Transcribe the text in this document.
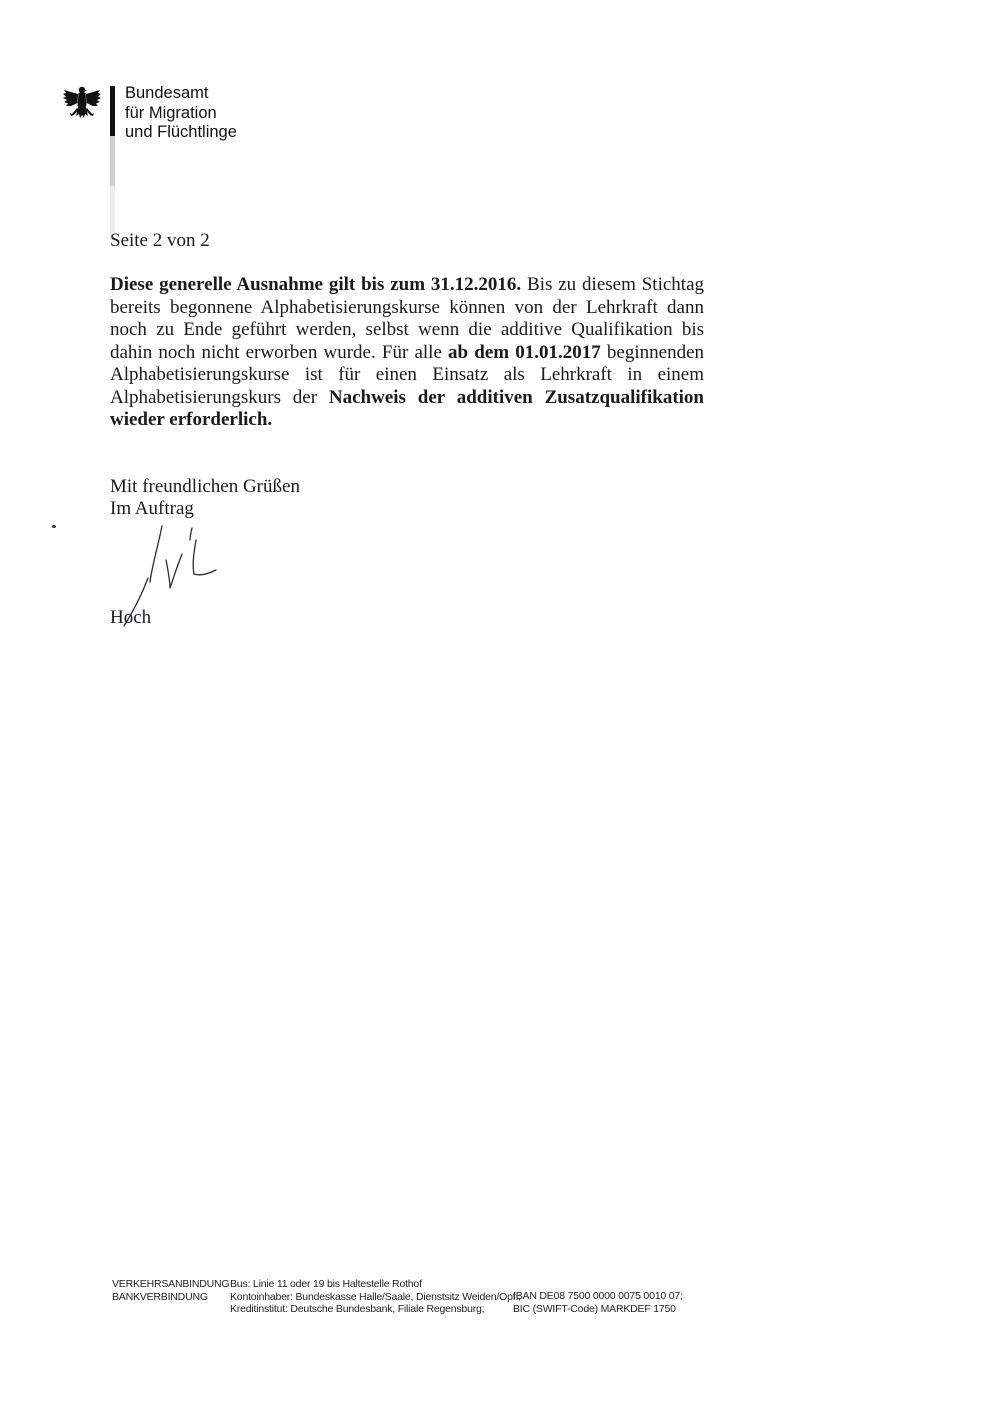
Bundesamt
für Migration
und Flüchtlinge
Seite 2 von 2
Diese generelle Ausnahme gilt bis zum 31.12.2016. Bis zu diesem Stichtag bereits begonnene Alphabetisierungskurse können von der Lehrkraft dann noch zu Ende geführt werden, selbst wenn die additive Qualifikation bis dahin noch nicht erworben wurde. Für alle ab dem 01.01.2017 beginnenden Alphabetisierungskurse ist für einen Einsatz als Lehrkraft in einem Alphabetisierungskurs der Nachweis der additiven Zusatzqualifikation wieder erforderlich.
Mit freundlichen Grüßen
Im Auftrag
Hoch
VERKEHRSANBINDUNG
BANKVERBINDUNG
Bus: Linie 11 oder 19 bis Haltestelle Rothof
Kontoinhaber: Bundeskasse Halle/Saale, Dienstsitz Weiden/Opf.;
Kreditinstitut: Deutsche Bundesbank, Filiale Regensburg;
IBAN DE08 7500 0000 0075 0010 07;
BIC (SWIFT-Code) MARKDEF 1750
